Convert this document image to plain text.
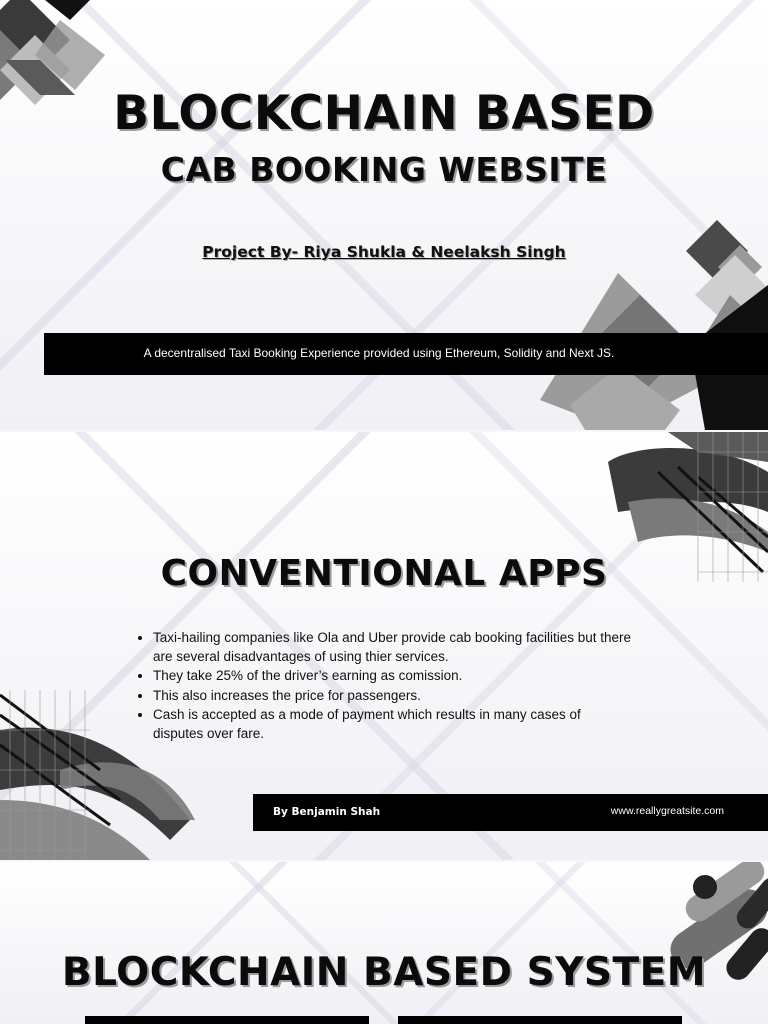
BLOCKCHAIN BASED
CAB BOOKING WEBSITE
Project By- Riya Shukla & Neelaksh Singh
A decentralised Taxi Booking Experience provided using Ethereum, Solidity and Next JS.
CONVENTIONAL APPS
• Taxi-hailing companies like Ola and Uber provide cab booking facilities but there are several disadvantages of using thier services.
• They take 25% of the driver’s earning as comission.
• This also increases the price for passengers.
• Cash is accepted as a mode of payment which results in many cases of disputes over fare.
By Benjamin Shah	www.reallygreatsite.com
BLOCKCHAIN BASED SYSTEM
